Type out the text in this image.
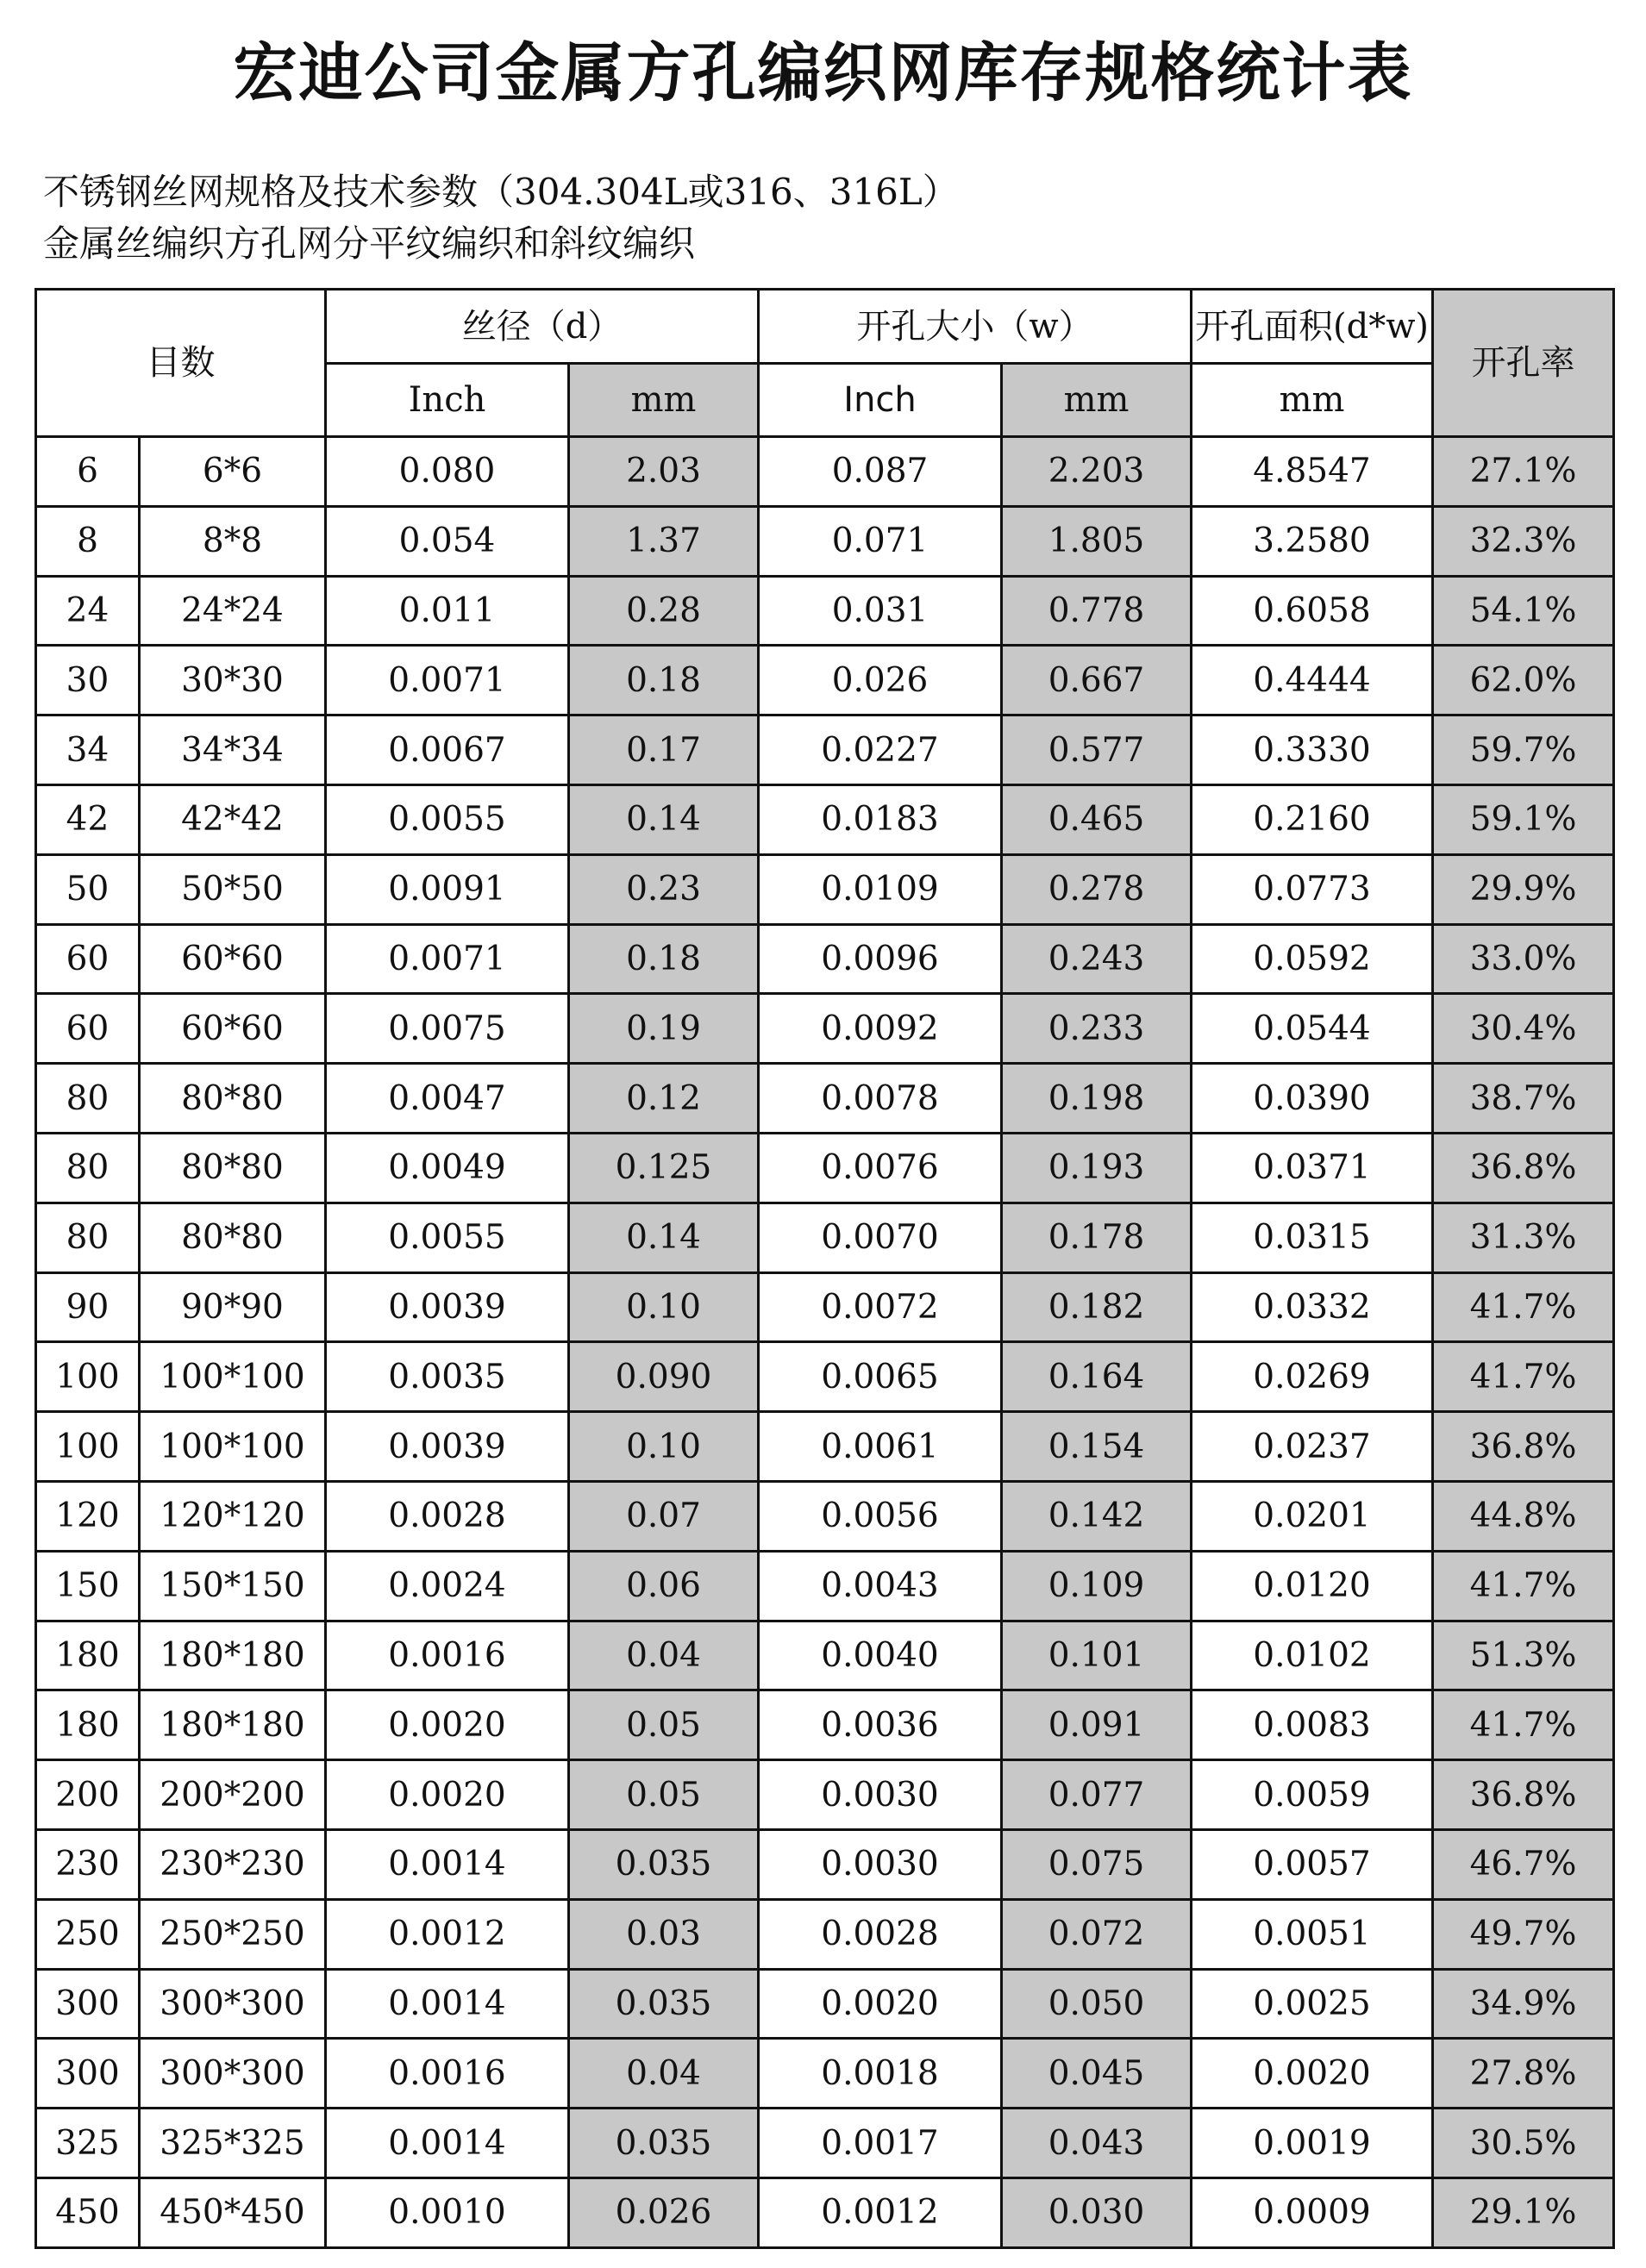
宏迪公司金属方孔编织网库存规格统计表
不锈钢丝网规格及技术参数（304.304L或316、316L）
金属丝编织方孔网分平纹编织和斜纹编织
目数		丝径（d）		开孔大小（w）		开孔面积(d*w)	开孔率
		Inch	mm	Inch	mm	mm	
6	6*6	0.080	2.03	0.087	2.203	4.8547	27.1%
8	8*8	0.054	1.37	0.071	1.805	3.2580	32.3%
24	24*24	0.011	0.28	0.031	0.778	0.6058	54.1%
30	30*30	0.0071	0.18	0.026	0.667	0.4444	62.0%
34	34*34	0.0067	0.17	0.0227	0.577	0.3330	59.7%
42	42*42	0.0055	0.14	0.0183	0.465	0.2160	59.1%
50	50*50	0.0091	0.23	0.0109	0.278	0.0773	29.9%
60	60*60	0.0071	0.18	0.0096	0.243	0.0592	33.0%
60	60*60	0.0075	0.19	0.0092	0.233	0.0544	30.4%
80	80*80	0.0047	0.12	0.0078	0.198	0.0390	38.7%
80	80*80	0.0049	0.125	0.0076	0.193	0.0371	36.8%
80	80*80	0.0055	0.14	0.0070	0.178	0.0315	31.3%
90	90*90	0.0039	0.10	0.0072	0.182	0.0332	41.7%
100	100*100	0.0035	0.090	0.0065	0.164	0.0269	41.7%
100	100*100	0.0039	0.10	0.0061	0.154	0.0237	36.8%
120	120*120	0.0028	0.07	0.0056	0.142	0.0201	44.8%
150	150*150	0.0024	0.06	0.0043	0.109	0.0120	41.7%
180	180*180	0.0016	0.04	0.0040	0.101	0.0102	51.3%
180	180*180	0.0020	0.05	0.0036	0.091	0.0083	41.7%
200	200*200	0.0020	0.05	0.0030	0.077	0.0059	36.8%
230	230*230	0.0014	0.035	0.0030	0.075	0.0057	46.7%
250	250*250	0.0012	0.03	0.0028	0.072	0.0051	49.7%
300	300*300	0.0014	0.035	0.0020	0.050	0.0025	34.9%
300	300*300	0.0016	0.04	0.0018	0.045	0.0020	27.8%
325	325*325	0.0014	0.035	0.0017	0.043	0.0019	30.5%
450	450*450	0.0010	0.026	0.0012	0.030	0.0009	29.1%
